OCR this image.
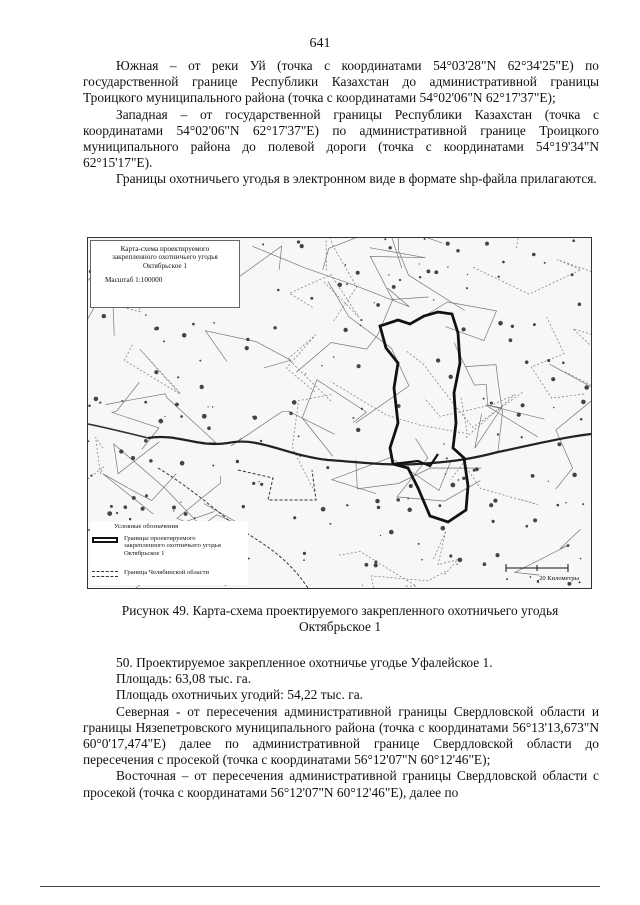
641

Южная – от реки Уй (точка с координатами 54°03'28"N 62°34'25"E) по государственной границе Республики Казахстан до административной границы Троицкого муниципального района (точка с координатами 54°02'06"N 62°17'37"E);

Западная – от государственной границы Республики Казахстан (точка с координатами 54°02'06"N 62°17'37"E) по административной границе Троицкого муниципального района до полевой дороги (точка с координатами 54°19'34"N 62°15'17"E).

Границы охотничьего угодья в электронном виде в формате shp-файла прилагаются.

Карта-схема проектируемого
закрепленного охотничьего угодья
Октябрьское 1
Масштаб 1:100000
Условные обозначения
Границы проектируемого
закрепленного охотничьего угодья
Октябрьское 1
Граница Челябинской области
20 Километры
Рисунок 49. Карта-схема проектируемого закрепленного охотничьего угодья
Октябрьское 1

50. Проектируемое закрепленное охотничье угодье Уфалейское 1.

Площадь: 63,08 тыс. га.

Площадь охотничьих угодий: 54,22 тыс. га.

Северная - от пересечения административной границы Свердловской области и границы Нязепетровского муниципального района (точка с координатами 56°13'13,673"N 60°0'17,474"E) далее по административной границе Свердловской области до пересечения с просекой (точка с координатами 56°12'07"N 60°12'46"E);

Восточная – от пересечения административной границы Свердловской области с просекой (точка с координатами 56°12'07"N 60°12'46"E), далее по
